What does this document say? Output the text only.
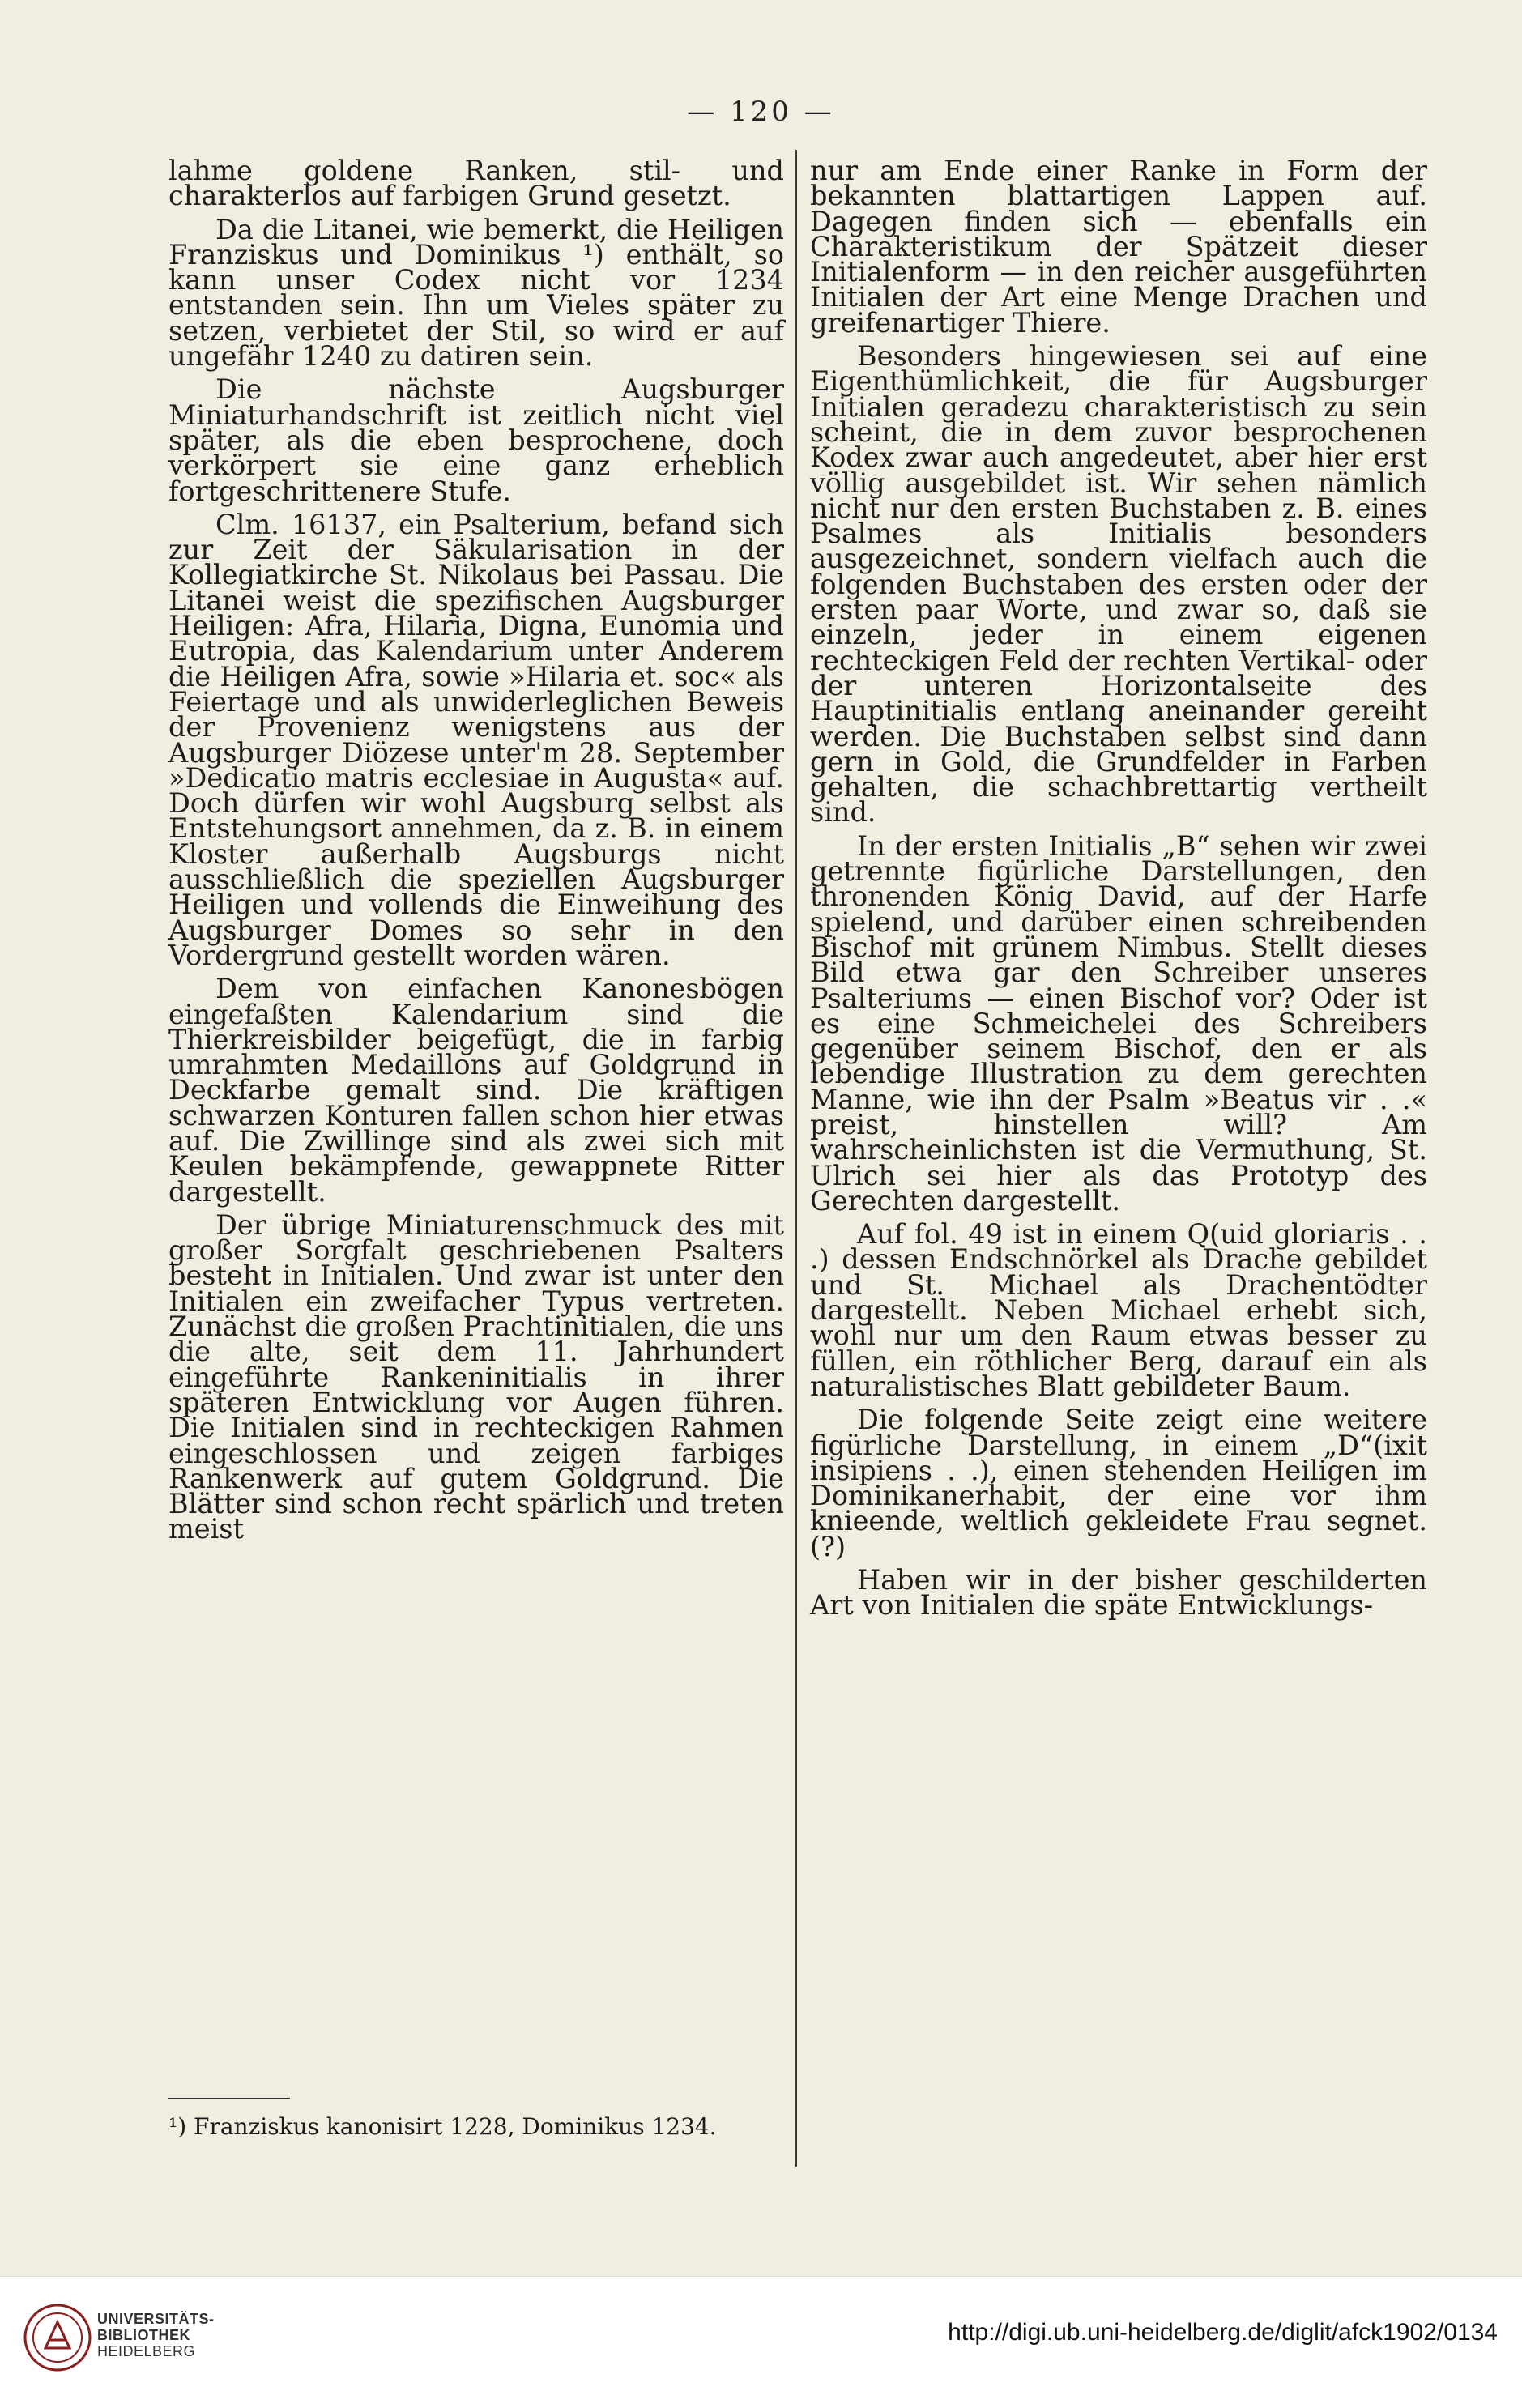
— 120 —

lahme goldene Ranken, stil- und charakterlos auf farbigen Grund gesetzt.

Da die Litanei, wie bemerkt, die Heiligen Franziskus und Dominikus ¹) enthält, so kann unser Codex nicht vor 1234 entstanden sein. Ihn um Vieles später zu setzen, verbietet der Stil, so wird er auf ungefähr 1240 zu datiren sein.

Die nächste Augsburger Miniaturhandschrift ist zeitlich nicht viel später, als die eben besprochene, doch verkörpert sie eine ganz erheblich fortgeschrittenere Stufe.

Clm. 16137, ein Psalterium, befand sich zur Zeit der Säkularisation in der Kollegiatkirche St. Nikolaus bei Passau. Die Litanei weist die spezifischen Augsburger Heiligen: Afra, Hilaria, Digna, Eunomia und Eutropia, das Kalendarium unter Anderem die Heiligen Afra, sowie »Hilaria et. soc« als Feiertage und als unwiderleglichen Beweis der Provenienz wenigstens aus der Augsburger Diözese unter'm 28. September »Dedicatio matris ecclesiae in Augusta« auf. Doch dürfen wir wohl Augsburg selbst als Entstehungsort annehmen, da z. B. in einem Kloster außerhalb Augsburgs nicht ausschließlich die speziellen Augsburger Heiligen und vollends die Einweihung des Augsburger Domes so sehr in den Vordergrund gestellt worden wären.

Dem von einfachen Kanonesbögen eingefaßten Kalendarium sind die Thierkreisbilder beigefügt, die in farbig umrahmten Medaillons auf Goldgrund in Deckfarbe gemalt sind. Die kräftigen schwarzen Konturen fallen schon hier etwas auf. Die Zwillinge sind als zwei sich mit Keulen bekämpfende, gewappnete Ritter dargestellt.

Der übrige Miniaturenschmuck des mit großer Sorgfalt geschriebenen Psalters besteht in Initialen. Und zwar ist unter den Initialen ein zweifacher Typus vertreten. Zunächst die großen Prachtinitialen, die uns die alte, seit dem 11. Jahrhundert eingeführte Rankeninitialis in ihrer späteren Entwicklung vor Augen führen. Die Initialen sind in rechteckigen Rahmen eingeschlossen und zeigen farbiges Rankenwerk auf gutem Goldgrund. Die Blätter sind schon recht spärlich und treten meist

nur am Ende einer Ranke in Form der bekannten blattartigen Lappen auf. Dagegen finden sich — ebenfalls ein Charakteristikum der Spätzeit dieser Initialenform — in den reicher ausgeführten Initialen der Art eine Menge Drachen und greifenartiger Thiere.

Besonders hingewiesen sei auf eine Eigenthümlichkeit, die für Augsburger Initialen geradezu charakteristisch zu sein scheint, die in dem zuvor besprochenen Kodex zwar auch angedeutet, aber hier erst völlig ausgebildet ist. Wir sehen nämlich nicht nur den ersten Buchstaben z. B. eines Psalmes als Initialis besonders ausgezeichnet, sondern vielfach auch die folgenden Buchstaben des ersten oder der ersten paar Worte, und zwar so, daß sie einzeln, jeder in einem eigenen rechteckigen Feld der rechten Vertikal- oder der unteren Horizontalseite des Hauptinitialis entlang aneinander gereiht werden. Die Buchstaben selbst sind dann gern in Gold, die Grundfelder in Farben gehalten, die schachbrettartig vertheilt sind.

In der ersten Initialis „B“ sehen wir zwei getrennte figürliche Darstellungen, den thronenden König David, auf der Harfe spielend, und darüber einen schreibenden Bischof mit grünem Nimbus. Stellt dieses Bild etwa gar den Schreiber unseres Psalteriums — einen Bischof vor? Oder ist es eine Schmeichelei des Schreibers gegenüber seinem Bischof, den er als lebendige Illustration zu dem gerechten Manne, wie ihn der Psalm »Beatus vir . .« preist, hinstellen will? Am wahrscheinlichsten ist die Vermuthung, St. Ulrich sei hier als das Prototyp des Gerechten dargestellt.

Auf fol. 49 ist in einem Q(uid gloriaris . . .) dessen Endschnörkel als Drache gebildet und St. Michael als Drachentödter dargestellt. Neben Michael erhebt sich, wohl nur um den Raum etwas besser zu füllen, ein röthlicher Berg, darauf ein als naturalistisches Blatt gebildeter Baum.

Die folgende Seite zeigt eine weitere figürliche Darstellung, in einem „D“(ixit insipiens . .), einen stehenden Heiligen im Dominikanerhabit, der eine vor ihm knieende, weltlich gekleidete Frau segnet. (?)

Haben wir in der bisher geschilderten Art von Initialen die späte Entwicklungs-

¹) Franziskus kanonisirt 1228, Dominikus 1234.
UNIVERSITÄTS-
BIBLIOTHEK
HEIDELBERG
http://digi.ub.uni-heidelberg.de/diglit/afck1902/0134
